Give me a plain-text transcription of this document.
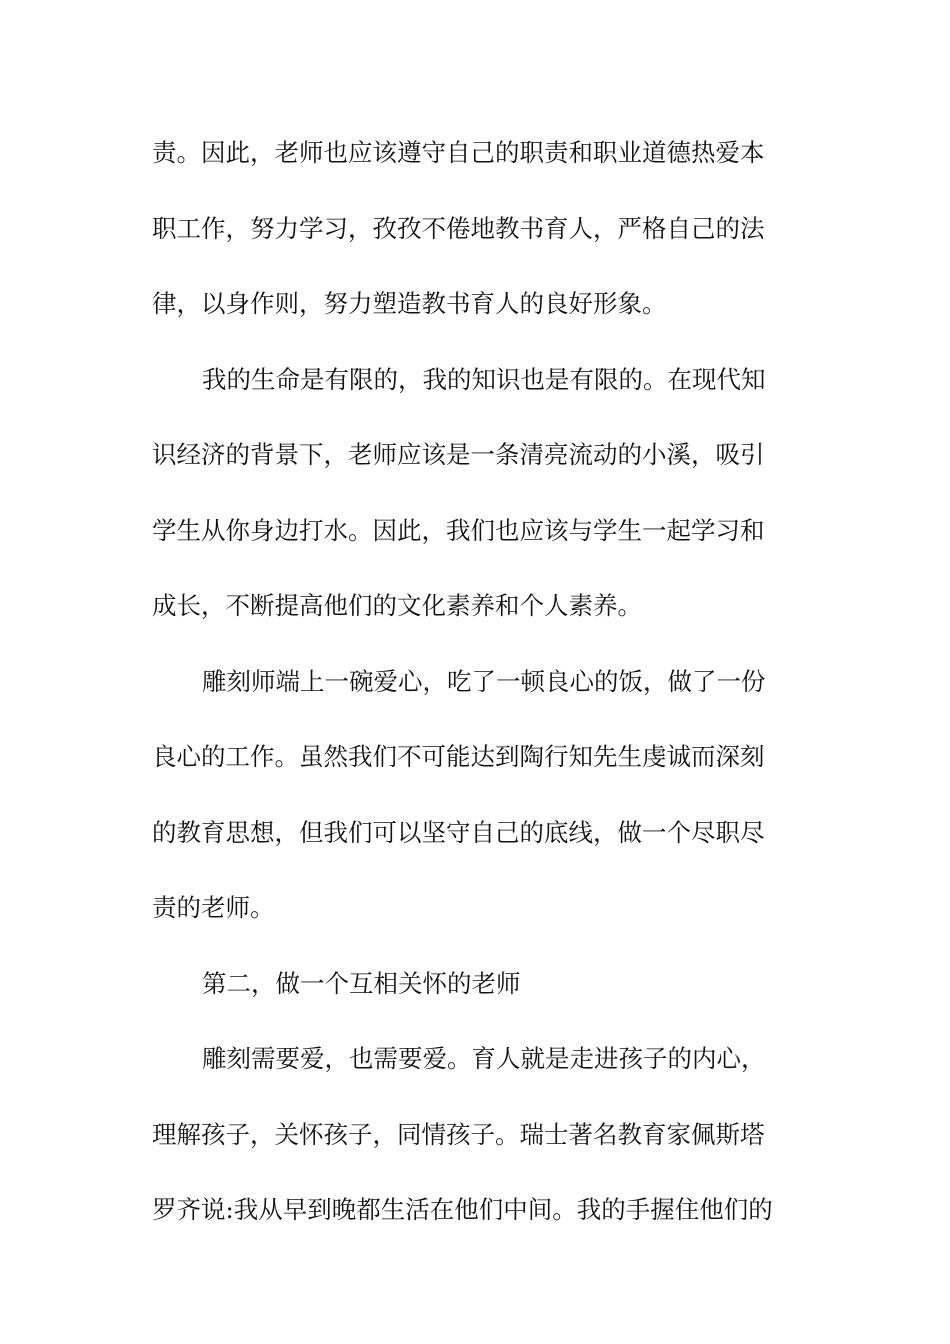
责。因此，老师也应该遵守自己的职责和职业道德热爱本
职工作，努力学习，孜孜不倦地教书育人，严格自己的法
律，以身作则，努力塑造教书育人的良好形象。
我的生命是有限的，我的知识也是有限的。在现代知
识经济的背景下，老师应该是一条清亮流动的小溪，吸引
学生从你身边打水。因此，我们也应该与学生一起学习和
成长，不断提高他们的文化素养和个人素养。
雕刻师端上一碗爱心，吃了一顿良心的饭，做了一份
良心的工作。虽然我们不可能达到陶行知先生虔诚而深刻
的教育思想，但我们可以坚守自己的底线，做一个尽职尽
责的老师。
第二，做一个互相关怀的老师
雕刻需要爱，也需要爱。育人就是走进孩子的内心，
理解孩子，关怀孩子，同情孩子。瑞士著名教育家佩斯塔
罗齐说:我从早到晚都生活在他们中间。我的手握住他们的
